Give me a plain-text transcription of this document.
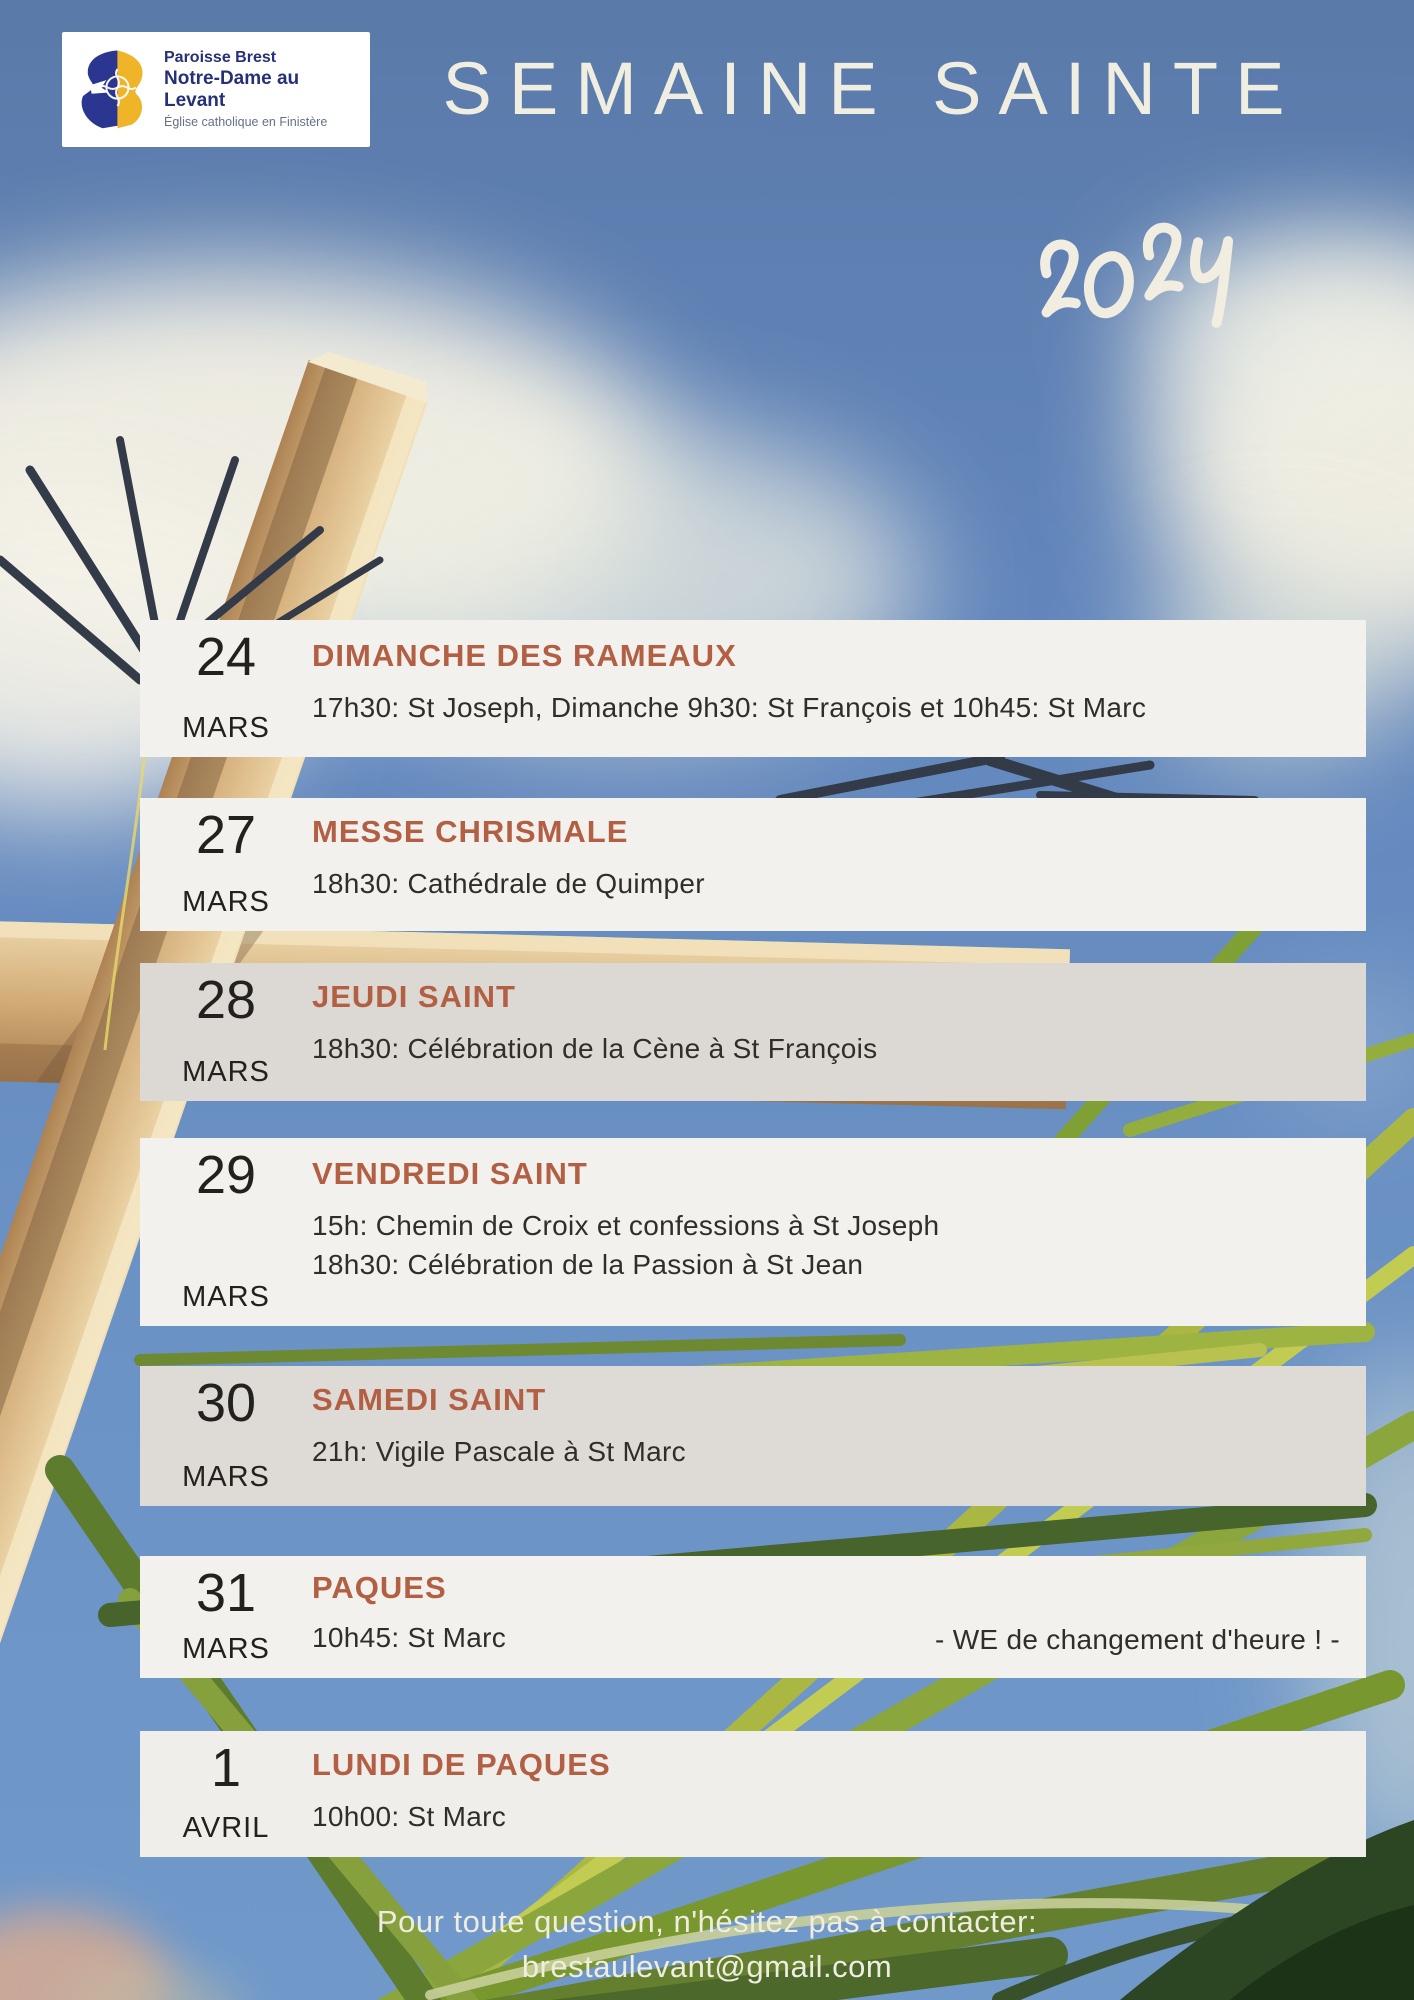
Paroisse Brest
Notre-Dame au Levant
Église catholique en Finistère	SEMAINE SAINTE
24
MARS
DIMANCHE DES RAMEAUX
17h30: St Joseph, Dimanche 9h30: St François et 10h45: St Marc
27
MARS
MESSE CHRISMALE
18h30: Cathédrale de Quimper
28
MARS
JEUDI SAINT
18h30: Célébration de la Cène à St François
29
MARS
VENDREDI SAINT
15h: Chemin de Croix et confessions à St Joseph
18h30: Célébration de la Passion à St Jean
30
MARS
SAMEDI SAINT
21h: Vigile Pascale à St Marc
31
MARS
PAQUES
10h45: St Marc	- WE de changement d'heure ! -
1
AVRIL
LUNDI DE PAQUES
10h00: St Marc
Pour toute question, n'hésitez pas à contacter:
brestaulevant@gmail.com
